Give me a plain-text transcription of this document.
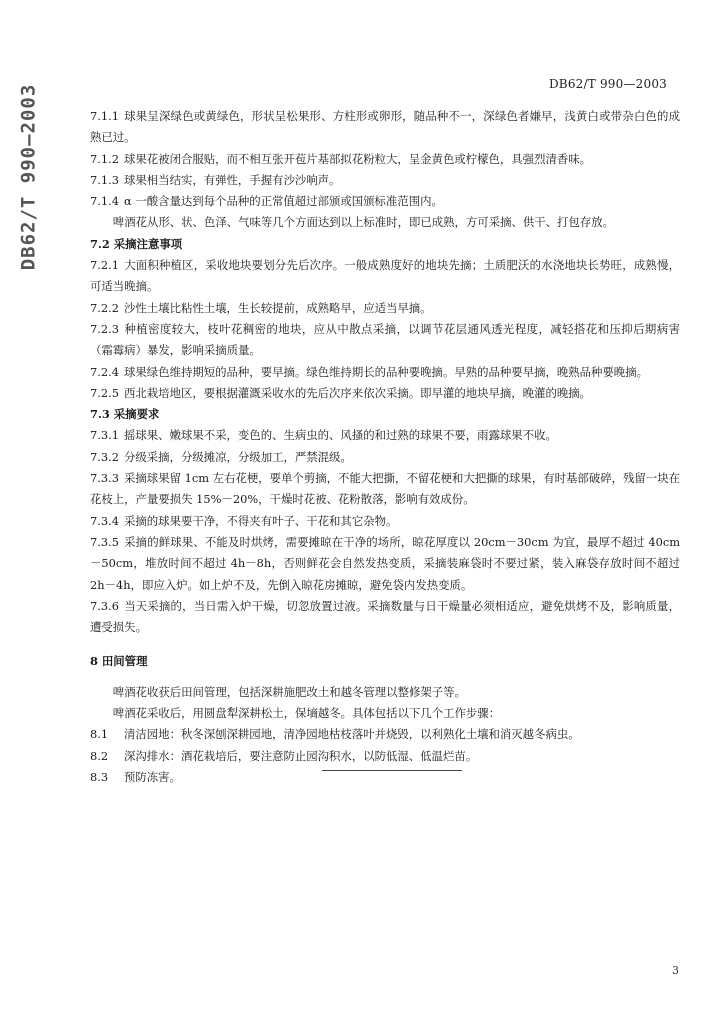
DB62/T 990—2003	DB62/T 990—2003

7.1.1 球果呈深绿色或黄绿色，形状呈松果形、方柱形或卵形，随品种不一，深绿色者嫌早，浅黄白或带杂白色的成熟已过。

7.1.2 球果花被闭合服贴，而不相互张开苞片基部拟花粉粒大，呈金黄色或柠檬色，具强烈清香味。

7.1.3 球果相当结实，有弹性，手握有沙沙响声。

7.1.4 α 一酸含量达到每个品种的正常值超过部颁或国颁标准范围内。

啤酒花从形、状、色泽、气味等几个方面达到以上标准时，即已成熟，方可采摘、供干、打包存放。

7.2 采摘注意事项

7.2.1 大面积种植区，采收地块要划分先后次序。一般成熟度好的地块先摘；土质肥沃的水浇地块长势旺，成熟慢，可适当晚摘。

7.2.2 沙性土壤比粘性土壤，生长较提前，成熟略早，应适当早摘。

7.2.3 种植密度较大，枝叶花稠密的地块，应从中散点采摘，以调节花层通风透光程度，减轻搭花和压抑后期病害（霜霉病）暴发，影响采摘质量。

7.2.4 球果绿色维持期短的品种，要早摘。绿色维持期长的品种要晚摘。早熟的品种要早摘，晚熟品种要晚摘。

7.2.5 西北栽培地区，要根据灌溉采收水的先后次序来依次采摘。即早灌的地块早摘，晚灌的晚摘。

7.3 采摘要求

7.3.1 摇球果、嫩球果不采，变色的、生病虫的、风搔的和过熟的球果不要，雨露球果不收。

7.3.2 分级采摘，分级摊凉，分级加工，严禁混级。

7.3.3 采摘球果留 1cm 左右花梗，要单个剪摘，不能大把撕，不留花梗和大把撕的球果，有时基部破碎，残留一块在花枝上，产量要损失 15%－20%，干燥时花被、花粉散落，影响有效成份。

7.3.4 采摘的球果要干净，不得夹有叶子、干花和其它杂物。

7.3.5 采摘的鲜球果、不能及时烘烤，需要摊晾在干净的场所，晾花厚度以 20cm－30cm 为宜，最厚不超过 40cm－50cm，堆放时间不超过 4h－8h，否则鲜花会自然发热变质，采摘装麻袋时不要过紧，装入麻袋存放时间不超过 2h－4h，即应入炉。如上炉不及，先倒入晾花房摊晾，避免袋内发热变质。

7.3.6 当天采摘的，当日需入炉干燥，切忽放置过液。采摘数量与日干燥量必须相适应，避免烘烤不及，影响质量，遭受损失。

8 田间管理

啤酒花收获后田间管理，包括深耕施肥改土和越冬管理以整修架子等。

啤酒花采收后，用圆盘犁深耕松土，保墒越冬。具体包括以下几个工作步骤：

8.1 清洁园地：秋冬深刨深耕园地，清净园地枯枝落叶并烧毁，以利熟化土壤和消灭越冬病虫。

8.2 深沟排水：酒花栽培后，要注意防止园沟积水，以防低湿、低温烂苗。

8.3 预防冻害。

3
